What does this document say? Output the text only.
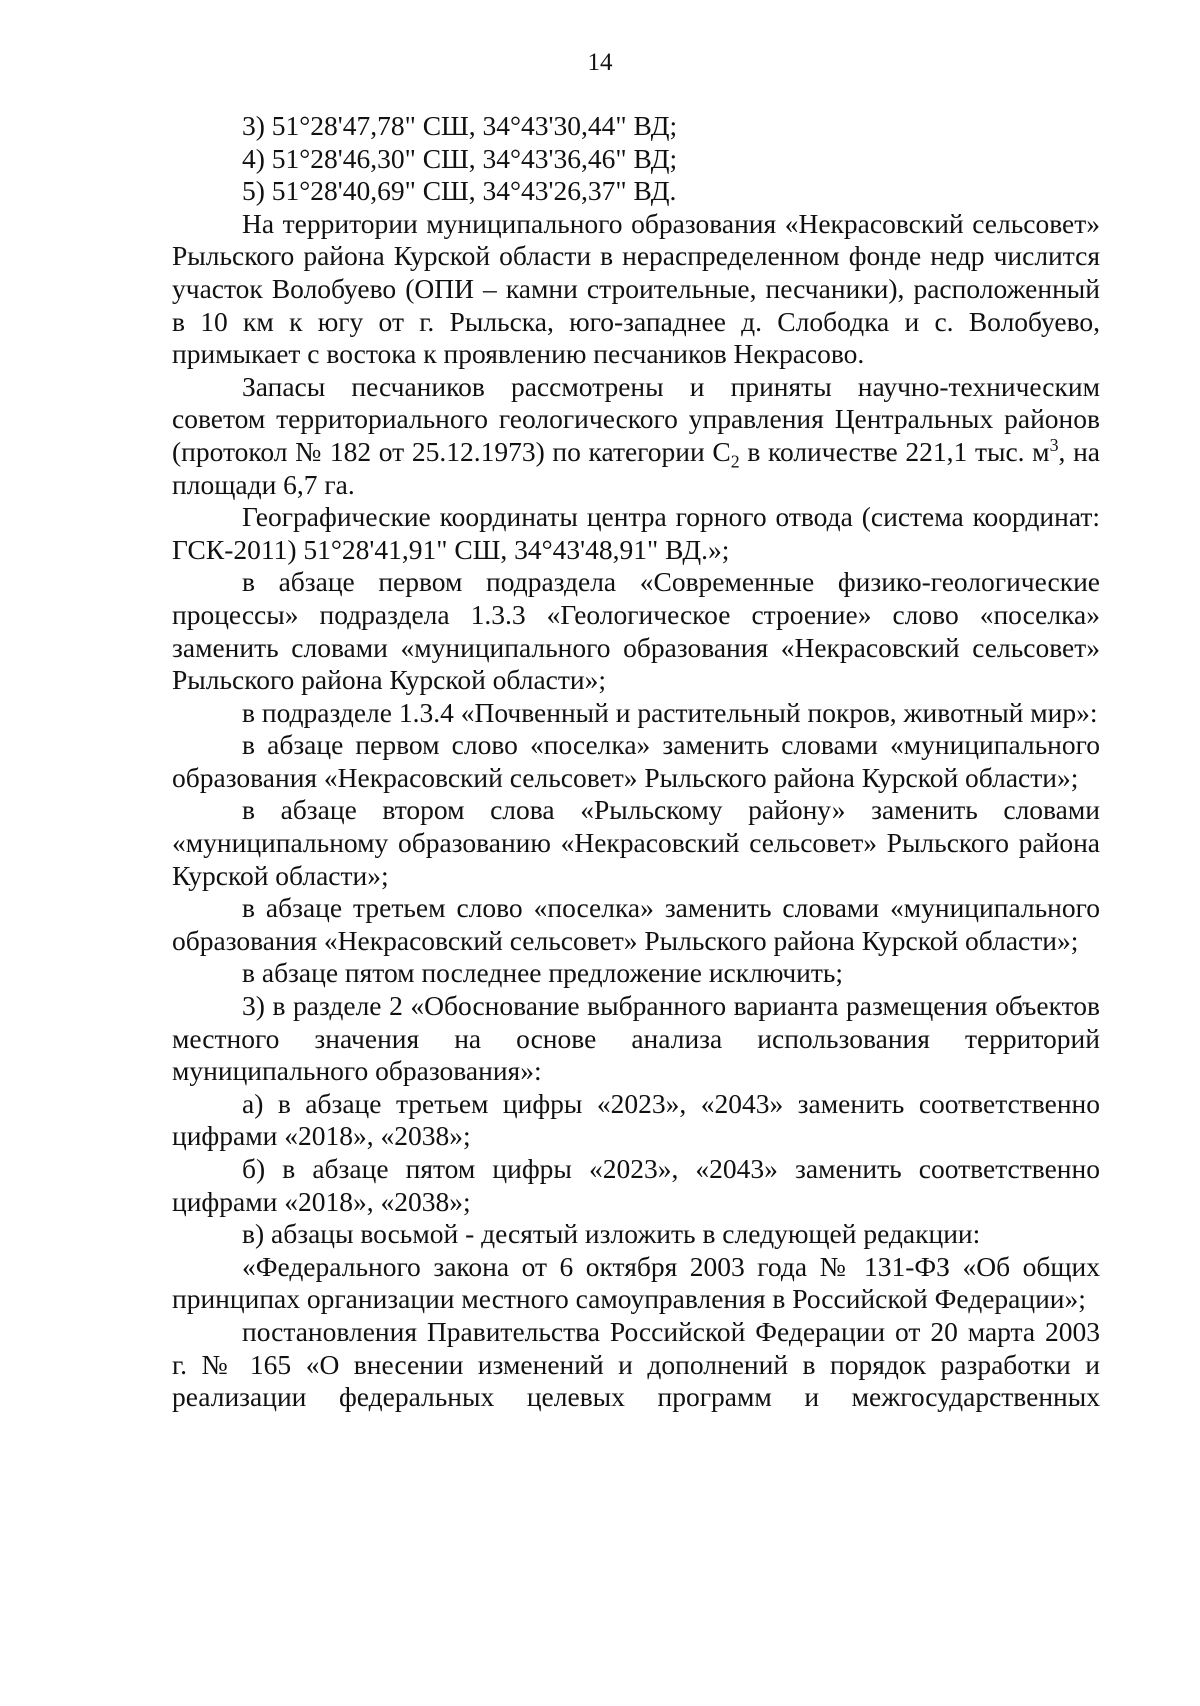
14

3) 51°28'47,78" СШ, 34°43'30,44" ВД;

4) 51°28'46,30" СШ, 34°43'36,46" ВД;

5) 51°28'40,69" СШ, 34°43'26,37" ВД.

На территории муниципального образования «Некрасовский сельсовет» Рыльского района Курской области в нераспределенном фонде недр числится участок Волобуево (ОПИ – камни строительные, песчаники), расположенный в 10 км к югу от г. Рыльска, юго-западнее д. Слободка и с. Волобуево, примыкает с востока к проявлению песчаников Некрасово.

Запасы песчаников рассмотрены и приняты научно-техническим советом территориального геологического управления Центральных районов (протокол № 182 от 25.12.1973) по категории $С_2$ в количестве 221,1 тыс. $м^3$, на площади 6,7 га.

Географические координаты центра горного отвода (система координат: ГСК-2011) 51°28'41,91" СШ, 34°43'48,91" ВД.»;

в абзаце первом подраздела «Современные физико-геологические процессы» подраздела 1.3.3 «Геологическое строение» слово «поселка» заменить словами «муниципального образования «Некрасовский сельсовет» Рыльского района Курской области»;

в подразделе 1.3.4 «Почвенный и растительный покров, животный мир»:

в абзаце первом слово «поселка» заменить словами «муниципального образования «Некрасовский сельсовет» Рыльского района Курской области»;

в абзаце втором слова «Рыльскому району» заменить словами «муниципальному образованию «Некрасовский сельсовет» Рыльского района Курской области»;

в абзаце третьем слово «поселка» заменить словами «муниципального образования «Некрасовский сельсовет» Рыльского района Курской области»;

в абзаце пятом последнее предложение исключить;

3) в разделе 2 «Обоснование выбранного варианта размещения объектов местного значения на основе анализа использования территорий муниципального образования»:

а) в абзаце третьем цифры «2023», «2043» заменить соответственно цифрами «2018», «2038»;

б) в абзаце пятом цифры «2023», «2043» заменить соответственно цифрами «2018», «2038»;

в) абзацы восьмой - десятый изложить в следующей редакции:

«Федерального закона от 6 октября 2003 года № 131-ФЗ «Об общих принципах организации местного самоуправления в Российской Федерации»;

постановления Правительства Российской Федерации от 20 марта 2003 г. № 165 «О внесении изменений и дополнений в порядок разработки и реализации федеральных целевых программ и межгосударственных
